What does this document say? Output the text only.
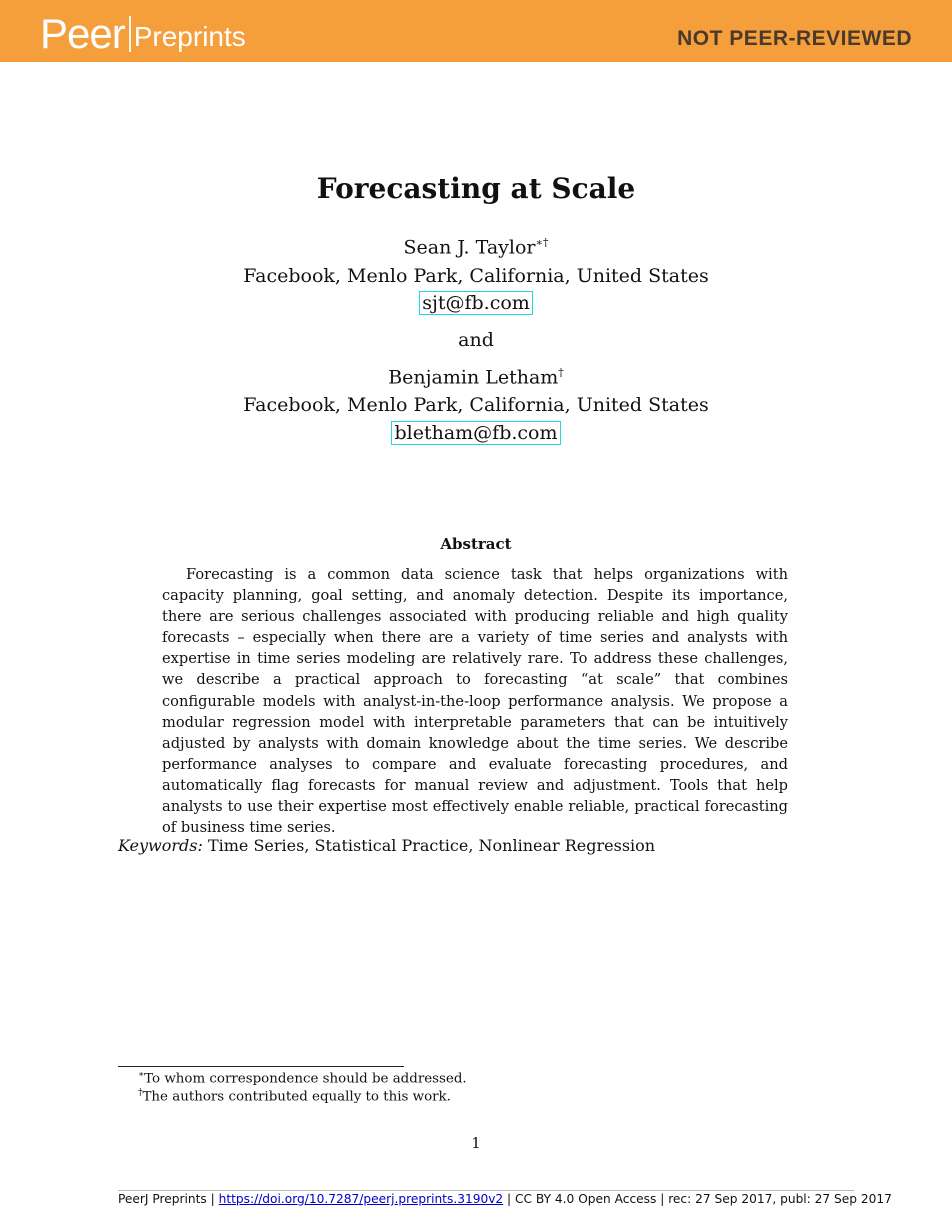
Peer Preprints	NOT PEER-REVIEWED
Forecasting at Scale
Sean J. Taylor∗†
Facebook, Menlo Park, California, United States
sjt@fb.com
and
Benjamin Letham†
Facebook, Menlo Park, California, United States
bletham@fb.com
Abstract
Forecasting is a common data science task that helps organizations with capacity planning, goal setting, and anomaly detection. Despite its importance, there are serious challenges associated with producing reliable and high quality forecasts – especially when there are a variety of time series and analysts with expertise in time series modeling are relatively rare. To address these challenges, we describe a practical approach to forecasting “at scale” that combines configurable models with analyst-in-the-loop performance analysis. We propose a modular regression model with interpretable parameters that can be intuitively adjusted by analysts with domain knowledge about the time series. We describe performance analyses to compare and evaluate forecasting procedures, and automatically flag forecasts for manual review and adjustment. Tools that help analysts to use their expertise most effectively enable reliable, practical forecasting of business time series.
Keywords: Time Series, Statistical Practice, Nonlinear Regression
∗To whom correspondence should be addressed.
†The authors contributed equally to this work.
1
PeerJ Preprints | https://doi.org/10.7287/peerj.preprints.3190v2 | CC BY 4.0 Open Access | rec: 27 Sep 2017, publ: 27 Sep 2017
